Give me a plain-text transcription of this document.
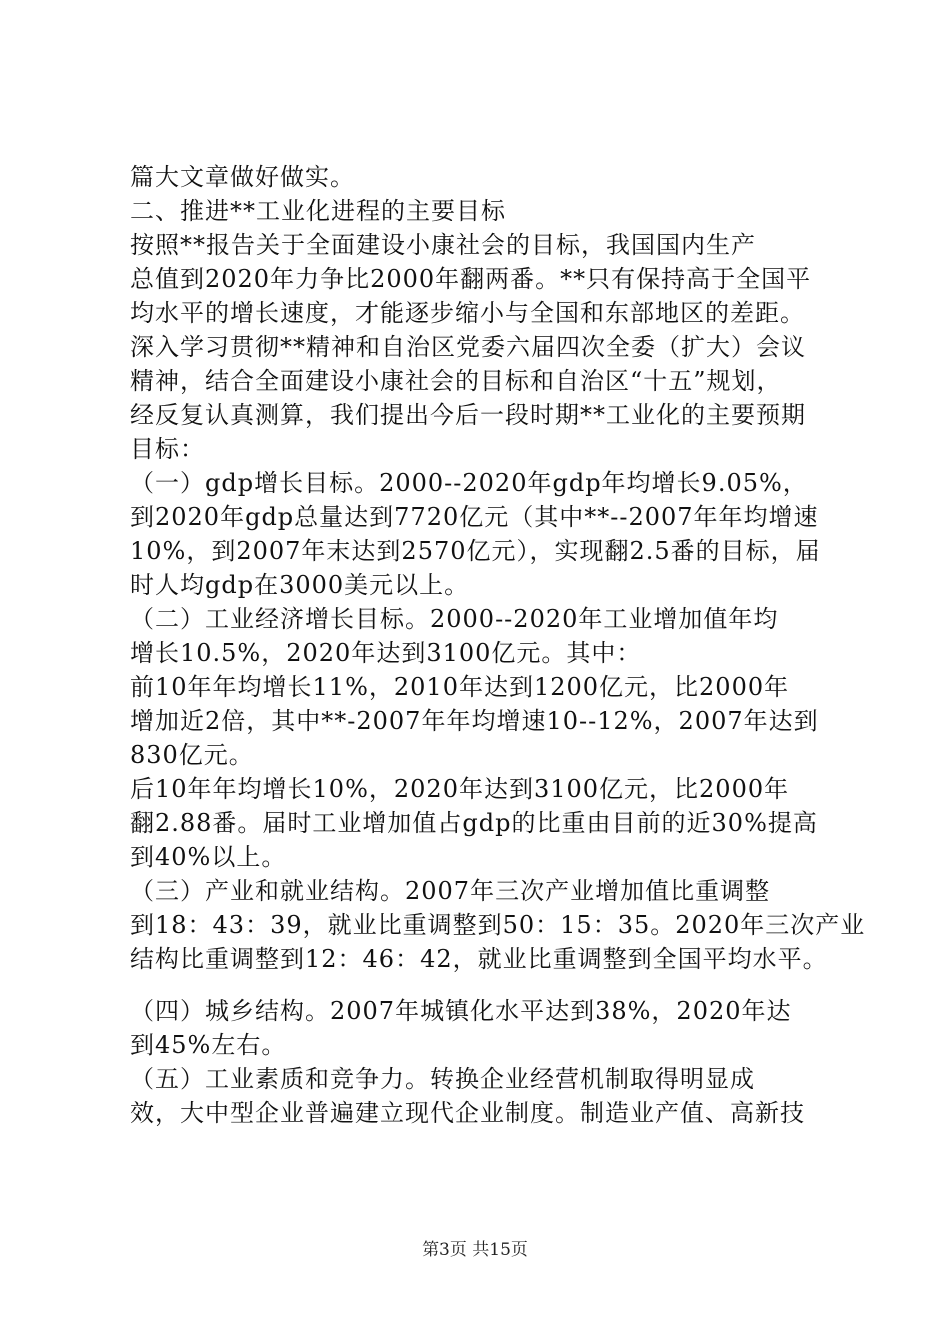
篇大文章做好做实。
二、推进**工业化进程的主要目标
按照**报告关于全面建设小康社会的目标，我国国内生产
总值到2020年力争比2000年翻两番。**只有保持高于全国平
均水平的增长速度，才能逐步缩小与全国和东部地区的差距。
深入学习贯彻**精神和自治区党委六届四次全委（扩大）会议
精神，结合全面建设小康社会的目标和自治区“十五”规划，
经反复认真测算，我们提出今后一段时期**工业化的主要预期
目标：
（一）gdp增长目标。2000--2020年gdp年均增长9.05%，
到2020年gdp总量达到7720亿元（其中**--2007年年均增速
10%，到2007年末达到2570亿元），实现翻2.5番的目标，届
时人均gdp在3000美元以上。
（二）工业经济增长目标。2000--2020年工业增加值年均
增长10.5%，2020年达到3100亿元。其中：
前10年年均增长11%，2010年达到1200亿元，比2000年
增加近2倍，其中**-2007年年均增速10--12%，2007年达到
830亿元。
后10年年均增长10%，2020年达到3100亿元，比2000年
翻2.88番。届时工业增加值占gdp的比重由目前的近30%提高
到40%以上。
（三）产业和就业结构。2007年三次产业增加值比重调整
到18：43：39，就业比重调整到50：15：35。2020年三次产业
结构比重调整到12：46：42，就业比重调整到全国平均水平。
（四）城乡结构。2007年城镇化水平达到38%，2020年达
到45%左右。
（五）工业素质和竞争力。转换企业经营机制取得明显成
效，大中型企业普遍建立现代企业制度。制造业产值、高新技
第3页 共15页
